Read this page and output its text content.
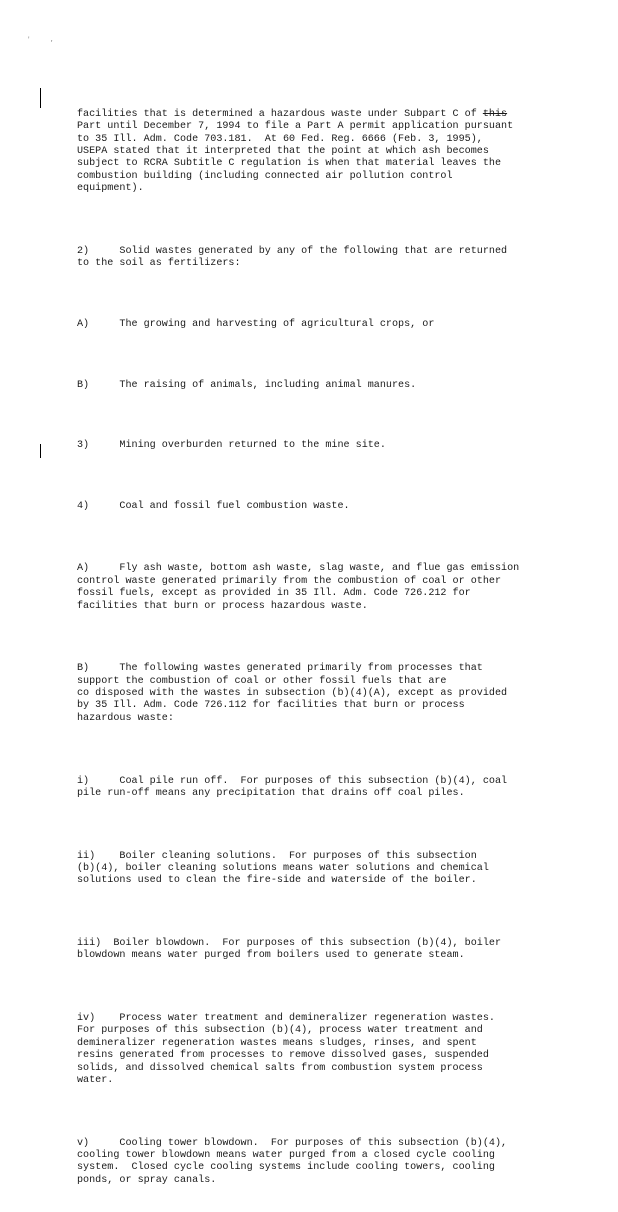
' ,

facilities that is determined a hazardous waste under Subpart C of this
Part until December 7, 1994 to file a Part A permit application pursuant
to 35 Ill. Adm. Code 703.181.  At 60 Fed. Reg. 6666 (Feb. 3, 1995),
USEPA stated that it interpreted that the point at which ash becomes
subject to RCRA Subtitle C regulation is when that material leaves the
combustion building (including connected air pollution control
equipment).

2)     Solid wastes generated by any of the following that are returned
to the soil as fertilizers:

A)     The growing and harvesting of agricultural crops, or

B)     The raising of animals, including animal manures.

3)     Mining overburden returned to the mine site.

4)     Coal and fossil fuel combustion waste.

A)     Fly ash waste, bottom ash waste, slag waste, and flue gas emission
control waste generated primarily from the combustion of coal or other
fossil fuels, except as provided in 35 Ill. Adm. Code 726.212 for
facilities that burn or process hazardous waste.

B)     The following wastes generated primarily from processes that
support the combustion of coal or other fossil fuels that are
co disposed with the wastes in subsection (b)(4)(A), except as provided
by 35 Ill. Adm. Code 726.112 for facilities that burn or process
hazardous waste:

i)     Coal pile run off.  For purposes of this subsection (b)(4), coal
pile run-off means any precipitation that drains off coal piles.

ii)    Boiler cleaning solutions.  For purposes of this subsection
(b)(4), boiler cleaning solutions means water solutions and chemical
solutions used to clean the fire-side and waterside of the boiler.

iii)  Boiler blowdown.  For purposes of this subsection (b)(4), boiler
blowdown means water purged from boilers used to generate steam.

iv)    Process water treatment and demineralizer regeneration wastes.
For purposes of this subsection (b)(4), process water treatment and
demineralizer regeneration wastes means sludges, rinses, and spent
resins generated from processes to remove dissolved gases, suspended
solids, and dissolved chemical salts from combustion system process
water.

v)     Cooling tower blowdown.  For purposes of this subsection (b)(4),
cooling tower blowdown means water purged from a closed cycle cooling
system.  Closed cycle cooling systems include cooling towers, cooling
ponds, or spray canals.
